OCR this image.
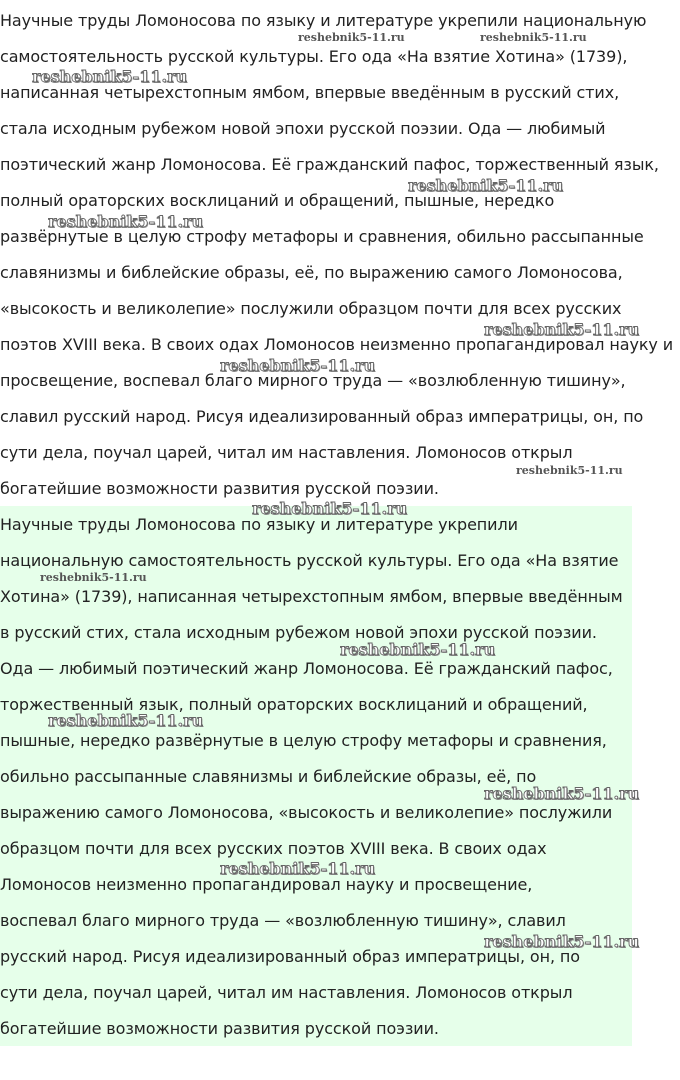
Научные труды Ломоносова по языку и литературе укрепили национальную
самостоятельность русской культуры. Его ода «На взятие Хотина» (1739),
написанная четырехстопным ямбом, впервые введённым в русский стих,
стала исходным рубежом новой эпохи русской поэзии. Ода — любимый
поэтический жанр Ломоносова. Её гражданский пафос, торжественный язык,
полный ораторских восклицаний и обращений, пышные, нередко
развёрнутые в целую строфу метафоры и сравнения, обильно рассыпанные
славянизмы и библейские образы, её, по выражению самого Ломоносова,
«высокость и великолепие» послужили образцом почти для всех русских
поэтов XVIII века. В своих одах Ломоносов неизменно пропагандировал науку и
просвещение, воспевал благо мирного труда — «возлюбленную тишину»,
славил русский народ. Рисуя идеализированный образ императрицы, он, по
сути дела, поучал царей, читал им наставления. Ломоносов открыл
богатейшие возможности развития русской поэзии.

Научные труды Ломоносова по языку и литературе укрепили
национальную самостоятельность русской культуры. Его ода «На взятие
Хотина» (1739), написанная четырехстопным ямбом, впервые введённым
в русский стих, стала исходным рубежом новой эпохи русской поэзии.
Ода — любимый поэтический жанр Ломоносова. Её гражданский пафос,
торжественный язык, полный ораторских восклицаний и обращений,
пышные, нередко развёрнутые в целую строфу метафоры и сравнения,
обильно рассыпанные славянизмы и библейские образы, её, по
выражению самого Ломоносова, «высокость и великолепие» послужили
образцом почти для всех русских поэтов XVIII века. В своих одах
Ломоносов неизменно пропагандировал науку и просвещение,
воспевал благо мирного труда — «возлюбленную тишину», славил
русский народ. Рисуя идеализированный образ императрицы, он, по
сути дела, поучал царей, читал им наставления. Ломоносов открыл
богатейшие возможности развития русской поэзии.

reshebnik5-11.ru	reshebnik5-11.ru
reshebnik5-11.ru
reshebnik5-11.ru
reshebnik5-11.ru
reshebnik5-11.ru
reshebnik5-11.ru
reshebnik5-11.ru
reshebnik5-11.ru
reshebnik5-11.ru
reshebnik5-11.ru
reshebnik5-11.ru
reshebnik5-11.ru
reshebnik5-11.ru
reshebnik5-11.ru
